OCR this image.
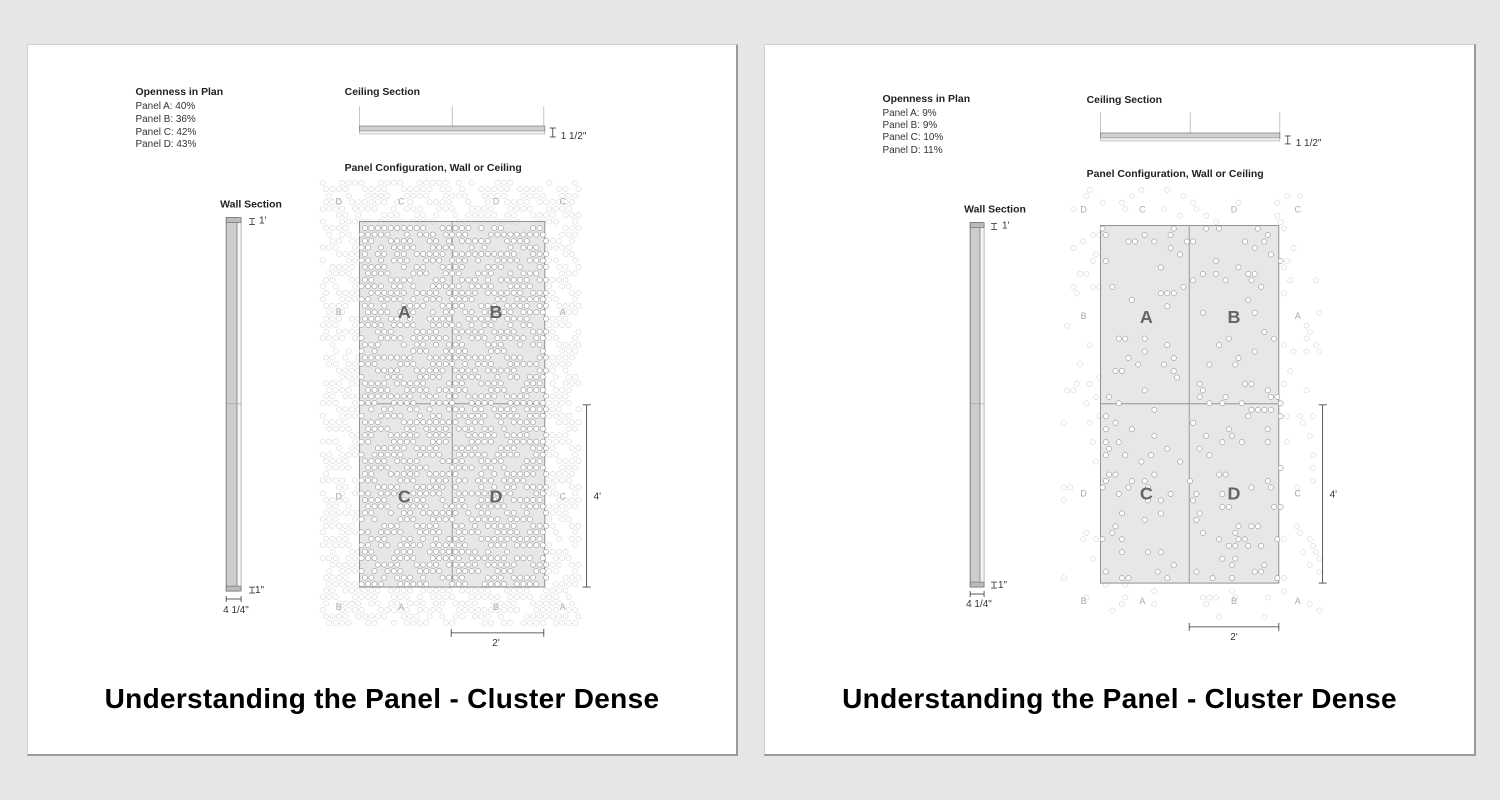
Openness in Plan
Panel A: 40%
Panel B: 36%
Panel C: 42%
Panel D: 43%
Ceiling Section
1 1/2"
Panel Configuration, Wall or Ceiling
A	B
C	D
D	C	D	C
B	A
D	C
B	A	B	A
4'
2'
Wall Section
1'
1"
4 1/4"
Understanding the Panel - Cluster Dense
Openness in Plan
Panel A: 9%
Panel B: 9%
Panel C: 10%
Panel D: 11%
Ceiling Section
1 1/2"
Panel Configuration, Wall or Ceiling
A	B
C	D
D	C	D	C
B	A
D	C
B	A	B	A
4'
2'
Wall Section
1'
1"
4 1/4"
Understanding the Panel - Cluster Dense
